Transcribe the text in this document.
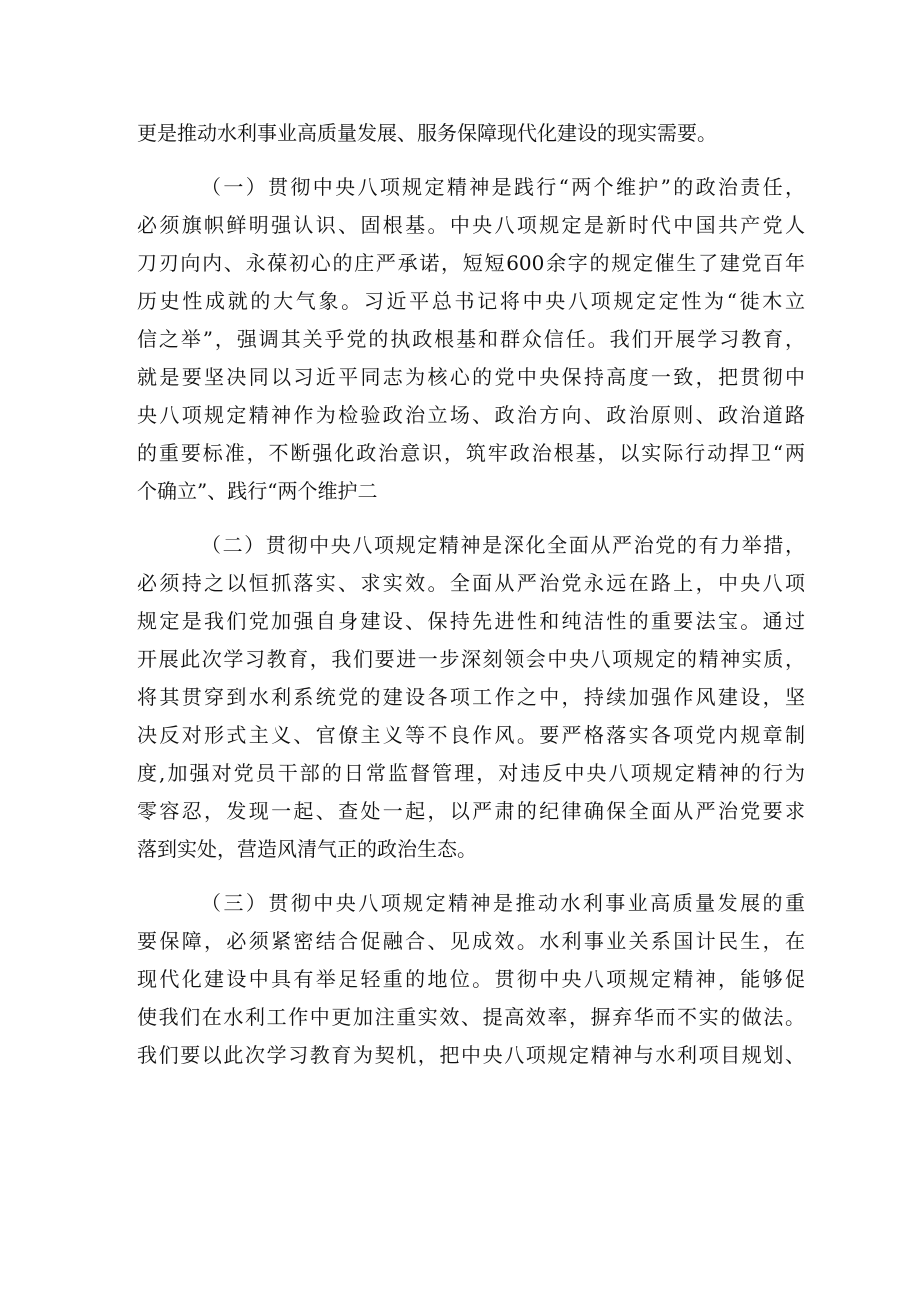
更是推动水利事业高质量发展、服务保障现代化建设的现实需要。
（一）贯彻中央八项规定精神是践行“两个维护”的政治责任，
必须旗帜鲜明强认识、固根基。中央八项规定是新时代中国共产党人
刀刃向内、永葆初心的庄严承诺，短短600余字的规定催生了建党百年
历史性成就的大气象。习近平总书记将中央八项规定定性为“徙木立
信之举”，强调其关乎党的执政根基和群众信任。我们开展学习教育，
就是要坚决同以习近平同志为核心的党中央保持高度一致，把贯彻中
央八项规定精神作为检验政治立场、政治方向、政治原则、政治道路
的重要标准，不断强化政治意识，筑牢政治根基，以实际行动捍卫“两
个确立”、践行“两个维护二
（二）贯彻中央八项规定精神是深化全面从严治党的有力举措，
必须持之以恒抓落实、求实效。全面从严治党永远在路上，中央八项
规定是我们党加强自身建设、保持先进性和纯洁性的重要法宝。通过
开展此次学习教育，我们要进一步深刻领会中央八项规定的精神实质，
将其贯穿到水利系统党的建设各项工作之中，持续加强作风建设，坚
决反对形式主义、官僚主义等不良作风。要严格落实各项党内规章制
度,加强对党员干部的日常监督管理，对违反中央八项规定精神的行为
零容忍，发现一起、查处一起，以严肃的纪律确保全面从严治党要求
落到实处，营造风清气正的政治生态。
（三）贯彻中央八项规定精神是推动水利事业高质量发展的重
要保障，必须紧密结合促融合、见成效。水利事业关系国计民生，在
现代化建设中具有举足轻重的地位。贯彻中央八项规定精神，能够促
使我们在水利工作中更加注重实效、提高效率，摒弃华而不实的做法。
我们要以此次学习教育为契机，把中央八项规定精神与水利项目规划、
